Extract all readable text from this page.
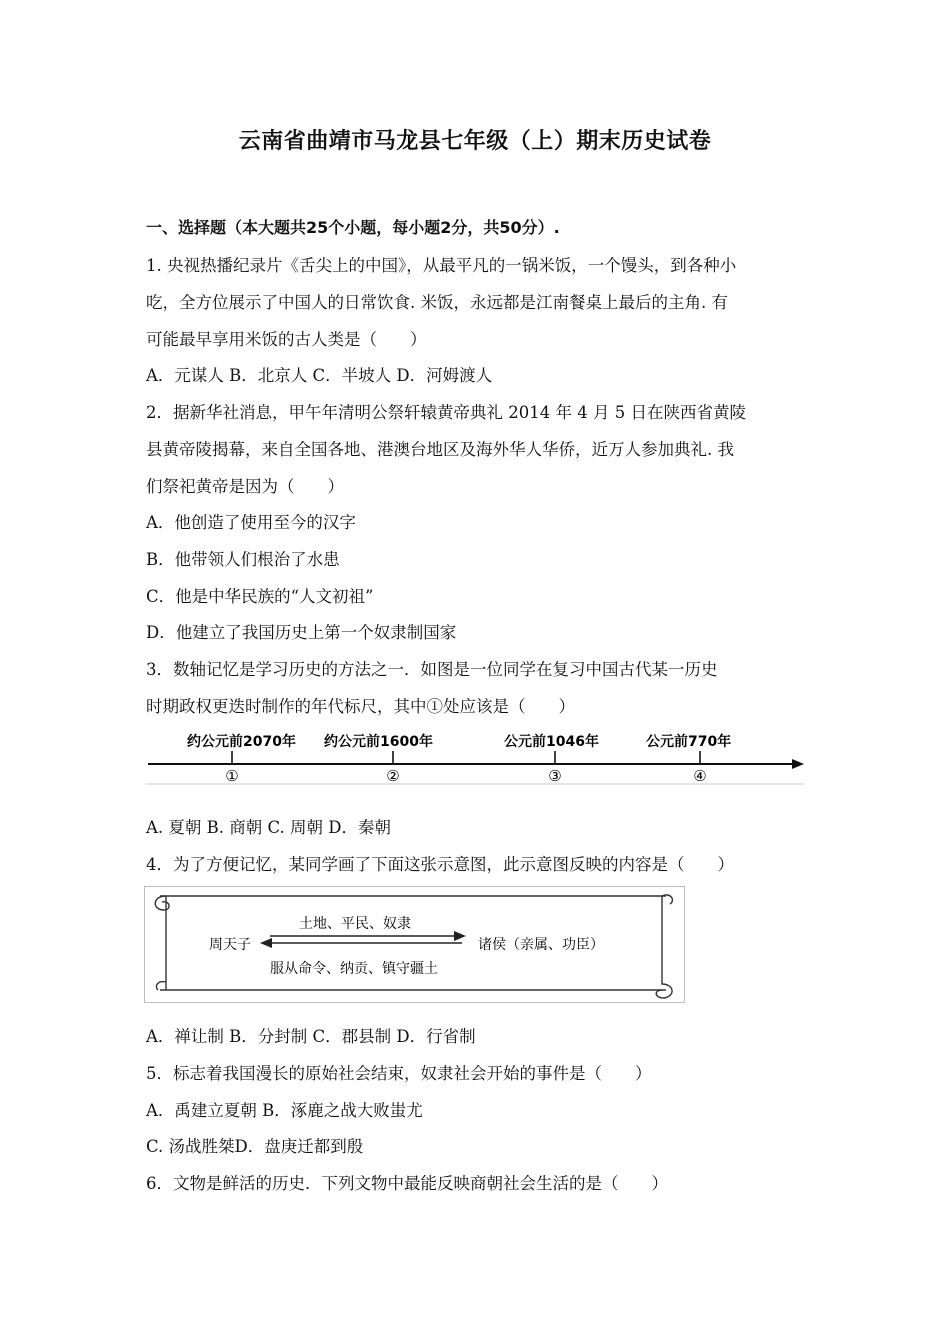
云南省曲靖市马龙县七年级（上）期末历史试卷
一、选择题（本大题共25个小题，每小题2分，共50分）.
1. 央视热播纪录片《舌尖上的中国》，从最平凡的一锅米饭，一个馒头，到各种小
吃，全方位展示了中国人的日常饮食. 米饭，永远都是江南餐桌上最后的主角. 有
可能最早享用米饭的古人类是（　　）
A．元谋人 B．北京人 C．半坡人 D．河姆渡人
2．据新华社消息，甲午年清明公祭轩辕黄帝典礼 2014 年 4 月 5 日在陕西省黄陵
县黄帝陵揭幕，来自全国各地、港澳台地区及海外华人华侨，近万人参加典礼. 我
们祭祀黄帝是因为（　　）
A．他创造了使用至今的汉字
B．他带领人们根治了水患
C．他是中华民族的“人文初祖”
D．他建立了我国历史上第一个奴隶制国家
3．数轴记忆是学习历史的方法之一．如图是一位同学在复习中国古代某一历史
时期政权更迭时制作的年代标尺，其中①处应该是（　　）
约公元前2070年
①
约公元前1600年
②
公元前1046年
③
公元前770年
④
A. 夏朝 B. 商朝 C. 周朝 D．秦朝
4．为了方便记忆，某同学画了下面这张示意图，此示意图反映的内容是（　　）
周天子
土地、平民、奴隶
诸侯（亲属、功臣）
服从命令、纳贡、镇守疆土
A．禅让制 B．分封制 C．郡县制 D．行省制
5．标志着我国漫长的原始社会结束，奴隶社会开始的事件是（　　）
A．禹建立夏朝 B．涿鹿之战大败蚩尤
C. 汤战胜桀D．盘庚迁都到殷
6．文物是鲜活的历史．下列文物中最能反映商朝社会生活的是（　　）
